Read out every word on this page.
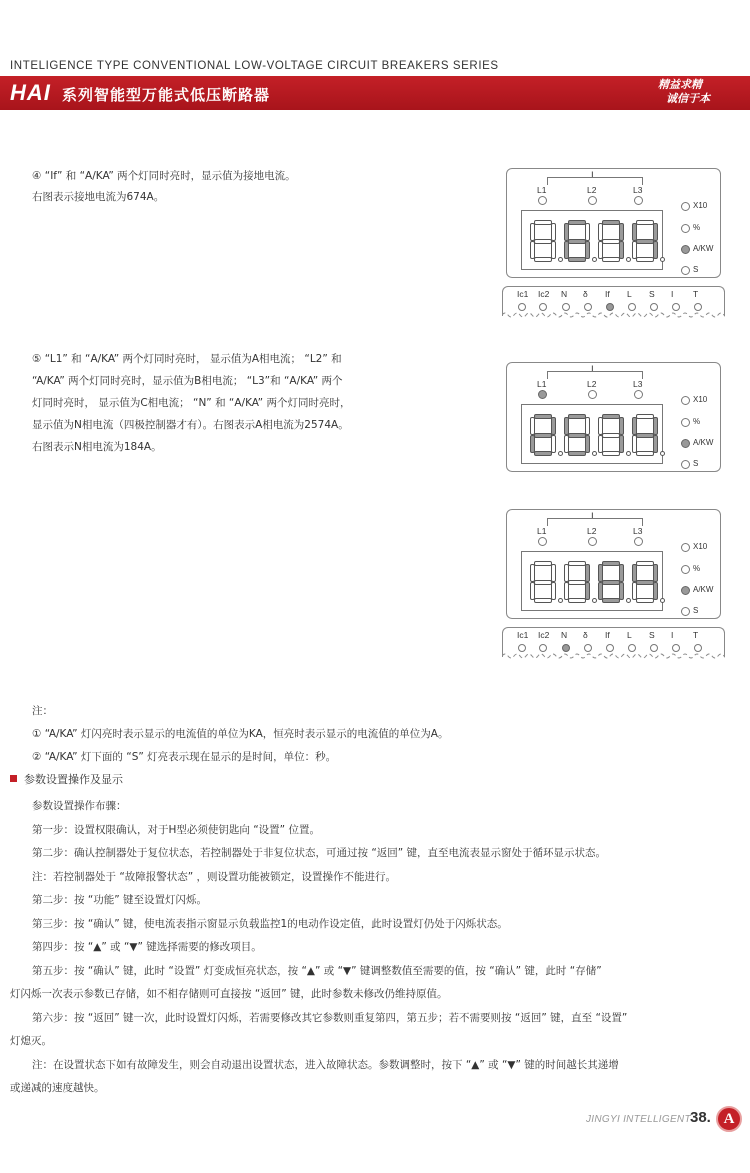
INTELIGENCE TYPE CONVENTIONAL LOW-VOLTAGE CIRCUIT BREAKERS SERIES
HAI 系列智能型万能式低压断路器
精益求精
诚信于本

④ “If” 和 “A/KA” 两个灯同时亮时，显示值为接地电流。

右图表示接地电流为674A。

⑤ “L1” 和 “A/KA” 两个灯同时亮时， 显示值为A相电流； “L2” 和

“A/KA” 两个灯同时亮时，显示值为B相电流； “L3”和 “A/KA” 两个

灯同时亮时， 显示值为C相电流； “N” 和 “A/KA” 两个灯同时亮时，

显示值为N相电流（四极控制器才有）。右图表示A相电流为2574A。

右图表示N相电流为184A。

I
L1	L2	L3
X10
%
A/KW
S
Ic1 Ic2 N δ If L S I T
I
L1	L2	L3
X10
%
A/KW
S
I
L1	L2	L3
X10
%
A/KW
S
Ic1 Ic2 N δ If L S I T

注：

① “A/KA” 灯闪亮时表示显示的电流值的单位为KA，恒亮时表示显示的电流值的单位为A。

② “A/KA” 灯下面的 “S” 灯亮表示现在显示的是时间，单位：秒。

参数设置操作及显示

参数设置操作布骤：

第一步：设置权限确认，对于H型必须使钥匙向 “设置” 位置。

第二步：确认控制器处于复位状态，若控制器处于非复位状态，可通过按 “返回” 键，直至电流表显示窗处于循环显示状态。

注：若控制器处于 “故障报警状态” ，则设置功能被锁定，设置操作不能进行。

第二步：按 “功能” 键至设置灯闪烁。

第三步：按 “确认” 键，使电流表指示窗显示负载监控1的电动作设定值，此时设置灯仍处于闪烁状态。

第四步：按 “▲” 或 “▼” 键选择需要的修改项目。

第五步：按 “确认” 键，此时 “设置” 灯变成恒亮状态，按 “▲” 或 “▼” 键调整数值至需要的值，按 “确认” 键，此时 “存储”

灯闪烁一次表示参数已存储，如不相存储则可直接按 “返回” 键，此时参数未修改仍维持原值。

第六步：按 “返回” 键一次，此时设置灯闪烁，若需要修改其它参数则重复第四，第五步；若不需要则按 “返回” 键，直至 “设置”

灯熄灭。

注：在设置状态下如有故障发生，则会自动退出设置状态，进入故障状态。参数调整时，按下 “▲” 或 “▼” 键的时间越长其递增

或递减的速度越快。

JINGYI INTELLIGENT 38. A
